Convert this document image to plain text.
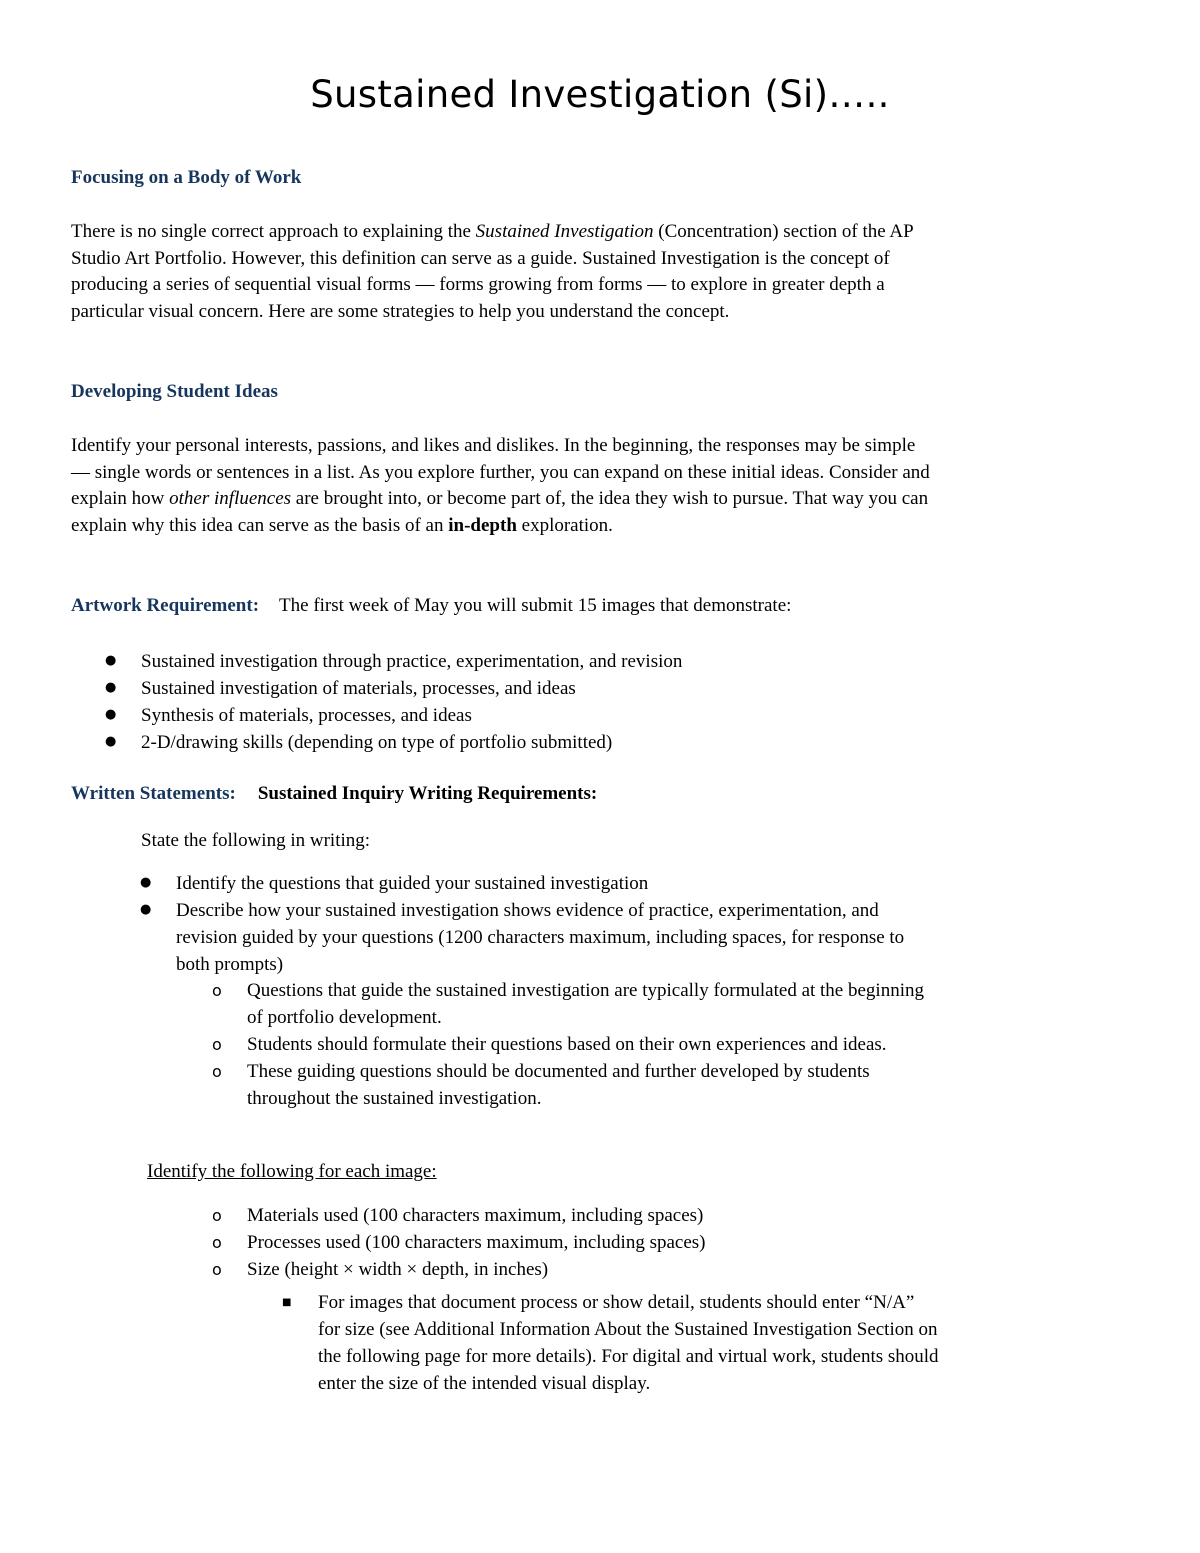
Sustained Investigation (Si)…..

Focusing on a Body of Work

There is no single correct approach to explaining the Sustained Investigation (Concentration) section of the AP Studio Art Portfolio. However, this definition can serve as a guide. Sustained Investigation is the concept of producing a series of sequential visual forms — forms growing from forms — to explore in greater depth a particular visual concern. Here are some strategies to help you understand the concept.

Developing Student Ideas

Identify your personal interests, passions, and likes and dislikes. In the beginning, the responses may be simple — single words or sentences in a list. As you explore further, you can expand on these initial ideas. Consider and explain how other influences are brought into, or become part of, the idea they wish to pursue. That way you can explain why this idea can serve as the basis of an in-depth exploration.

Artwork Requirement: The first week of May you will submit 15 images that demonstrate:

● Sustained investigation through practice, experimentation, and revision
● Sustained investigation of materials, processes, and ideas
● Synthesis of materials, processes, and ideas
● 2-D/drawing skills (depending on type of portfolio submitted)

Written Statements: Sustained Inquiry Writing Requirements:

State the following in writing:

● Identify the questions that guided your sustained investigation
● Describe how your sustained investigation shows evidence of practice, experimentation, and revision guided by your questions (1200 characters maximum, including spaces, for response to both prompts)
o Questions that guide the sustained investigation are typically formulated at the beginning of portfolio development.
o Students should formulate their questions based on their own experiences and ideas.
o These guiding questions should be documented and further developed by students throughout the sustained investigation.

Identify the following for each image:

o Materials used (100 characters maximum, including spaces)
o Processes used (100 characters maximum, including spaces)
o Size (height × width × depth, in inches)
■ For images that document process or show detail, students should enter “N/A” for size (see Additional Information About the Sustained Investigation Section on the following page for more details). For digital and virtual work, students should enter the size of the intended visual display.
